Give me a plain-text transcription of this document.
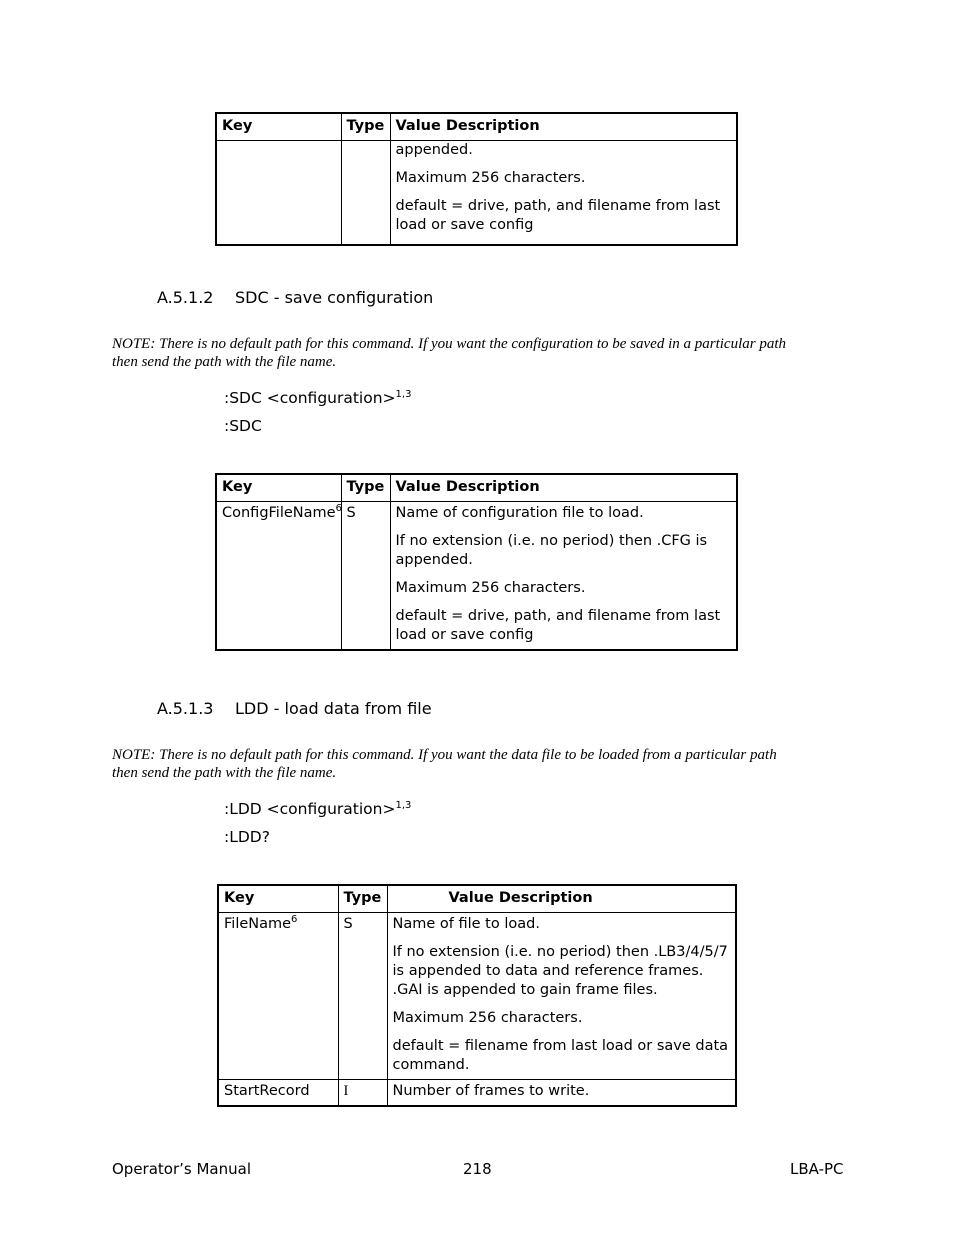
Key	Type	Value Description

		appended.

Maximum 256 characters.

default = drive, path, and filename from last load or save config

A.5.1.2 SDC - save configuration
NOTE: There is no default path for this command. If you want the configuration to be saved in a particular path
then send the path with the file name.
:SDC <configuration>$^{1,3}$
:SDC
Key	Type	Value Description
ConfigFileName$^6$	S	Name of configuration file to load.

If no extension (i.e. no period) then .CFG is appended.

Maximum 256 characters.

default = drive, path, and filename from last load or save config

A.5.1.3 LDD - load data from file
NOTE: There is no default path for this command. If you want the data file to be loaded from a particular path
then send the path with the file name.
:LDD <configuration>$^{1,3}$
:LDD?
Key	Type	Value Description
FileName$^6$	S	Name of file to load.

If no extension (i.e. no period) then .LB3/4/5/7 is appended to data and reference frames. .GAI is appended to gain frame files.

Maximum 256 characters.

default = filename from last load or save data command.

StartRecord	I	Number of frames to write.

Operator’s Manual	218	LBA-PC
